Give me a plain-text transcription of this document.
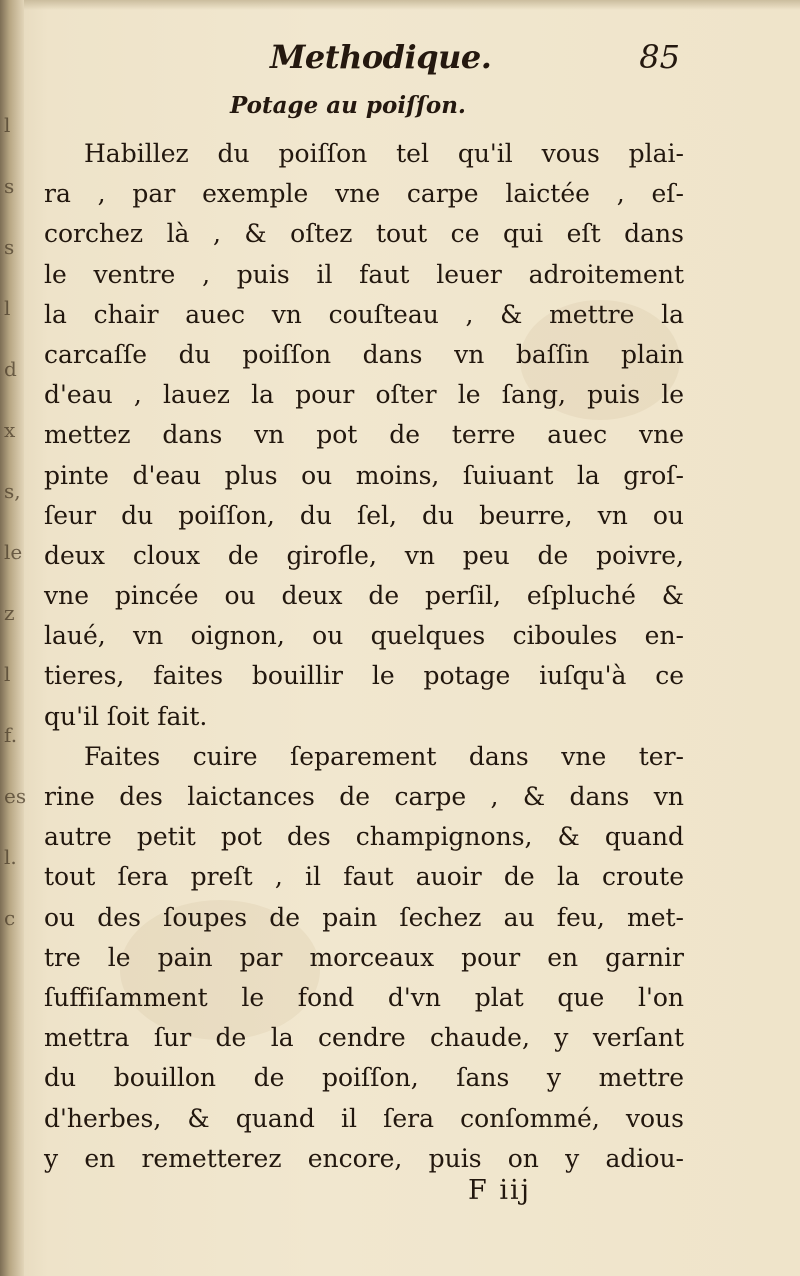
l
s
s
l
d
x
s,
le
z
l
f.
es
l.
c
Methodique.	85
Potage au poiſſon.
Habillez du poiſſon tel qu'il vous plai-
ra , par exemple vne carpe laictée , eſ-
corchez là , & oſtez tout ce qui eſt dans
le ventre , puis il faut leuer adroitement
la chair auec vn couſteau , & mettre la
carcaſſe du poiſſon dans vn baſſin plain
d'eau , lauez la pour oſter le ſang, puis le
mettez dans vn pot de terre auec vne
pinte d'eau plus ou moins, ſuiuant la groſ-
ſeur du poiſſon, du ſel, du beurre, vn ou
deux cloux de girofle, vn peu de poivre,
vne pincée ou deux de perſil, eſpluché &
laué, vn oignon, ou quelques ciboules en-
tieres, faites bouillir le potage iuſqu'à ce
qu'il ſoit fait.
Faites cuire ſeparement dans vne ter-
rine des laictances de carpe , & dans vn
autre petit pot des champignons, & quand
tout ſera preſt , il faut auoir de la croute
ou des ſoupes de pain ſechez au feu, met-
tre le pain par morceaux pour en garnir
ſuffiſamment le fond d'vn plat que l'on
mettra ſur de la cendre chaude, y verſant
du bouillon de poiſſon, ſans y mettre
d'herbes, & quand il ſera conſommé, vous
y en remetterez encore, puis on y adiou-
F iij
